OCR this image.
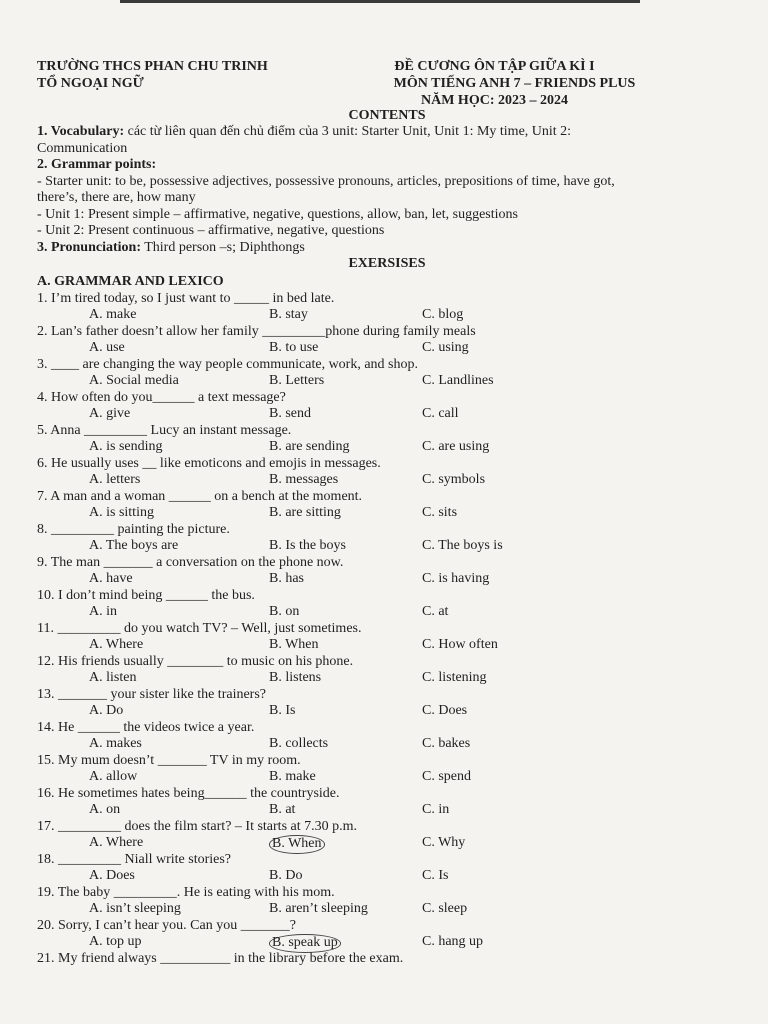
TRƯỜNG THCS PHAN CHU TRINH
TỔ NGOẠI NGỮ
ĐỀ CƯƠNG ÔN TẬP GIỮA KÌ I
MÔN TIẾNG ANH 7 – FRIENDS PLUS
NĂM HỌC: 2023 – 2024
CONTENTS
1. Vocabulary: các từ liên quan đến chủ điểm của 3 unit: Starter Unit, Unit 1: My time, Unit 2:
Communication
2. Grammar points:
- Starter unit: to be, possessive adjectives, possessive pronouns, articles, prepositions of time, have got,
there’s, there are, how many
- Unit 1: Present simple – affirmative, negative, questions, allow, ban, let, suggestions
- Unit 2: Present continuous – affirmative, negative, questions
3. Pronunciation: Third person –s; Diphthongs
EXERSISES
A. GRAMMAR AND LEXICO
1. I’m tired today, so I just want to _____ in bed late.
A. make	B. stay	C. blog
2. Lan’s father doesn’t allow her family _________phone during family meals
A. use	B. to use	C. using
3. ____ are changing the way people communicate, work, and shop.
A. Social media	B. Letters	C. Landlines
4. How often do you______ a text message?
A. give	B. send	C. call
5. Anna _________ Lucy an instant message.
A. is sending	B. are sending	C. are using
6. He usually uses __ like emoticons and emojis in messages.
A. letters	B. messages	C. symbols
7. A man and a woman ______ on a bench at the moment.
A. is sitting	B. are sitting	C. sits
8. _________ painting the picture.
A. The boys are	B. Is the boys	C. The boys is
9. The man _______ a conversation on the phone now.
A. have	B. has	C. is having
10. I don’t mind being ______ the bus.
A. in	B. on	C. at
11. _________ do you watch TV? – Well, just sometimes.
A. Where	B. When	C. How often
12. His friends usually ________ to music on his phone.
A. listen	B. listens	C. listening
13. _______ your sister like the trainers?
A. Do	B. Is	C. Does
14. He ______ the videos twice a year.
A. makes	B. collects	C. bakes
15. My mum doesn’t _______ TV in my room.
A. allow	B. make	C. spend
16. He sometimes hates being______ the countryside.
A. on	B. at	C. in
17. _________ does the film start? – It starts at 7.30 p.m.
A. Where	B. When	C. Why
18. _________ Niall write stories?
A. Does	B. Do	C. Is
19. The baby _________. He is eating with his mom.
A. isn’t sleeping	B. aren’t sleeping	C. sleep
20. Sorry, I can’t hear you. Can you _______?
A. top up	B. speak up	C. hang up
21. My friend always __________ in the library before the exam.
